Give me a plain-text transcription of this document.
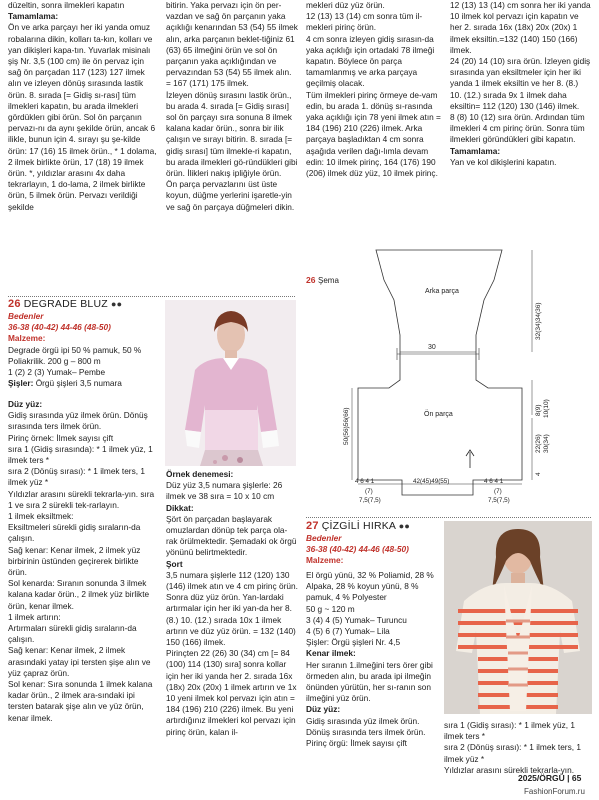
düzeltin, sonra ilmekleri kapatın

Tamamlama:

Ön ve arka parçayı her iki yanda omuz robalarına dikin, kolları ta-kın, kolları ve yan dikişleri kapa-tın. Yuvarlak misinalı şiş Nr. 3,5 (100 cm) ile ön pervaz için sağ ön parçadan 117 (123) 127 ilmek alın ve izleyen dönüş sırasında lastik örün. 8. sırada [= Gidiş sı-rası] tüm ilmekleri kapatın, bu arada ilmekleri gördüklerı gibi örün. Sol ön parçanın pervazı-nı da aynı şekilde örün, ancak 6 ilikle, bunun için 4. sırayı şu şe-kilde örün: 17 (16) 15 ilmek örün., * 1 dolama, 2 ilmek birlikte örün, 17 (18) 19 ilmek örün. *, yıldızlar arasını 4x daha tekrarlayın, 1 do-lama, 2 ilmek birlikte örün, 5 ilmek örün. Pervazı verildiği şekilde

bitirin. Yaka pervazı için ön per-vazdan ve sağ ön parçanın yaka açıklığı kenarından 53 (54) 55 ilmek alın, arka parçanın beklet-tiğiniz 61 (63) 65 ilmeğini örün ve sol ön parçanın yaka açıklığından ve pervazından 53 (54) 55 ilmek alın. = 167 (171) 175 ilmek.

İzleyen dönüş sırasını lastik örün., bu arada 4. sırada [= Gidiş sırası] sol ön parçayı sıra sonuna 8 ilmek kalana kadar örün., sonra bir ilik çalışın ve sırayı bitirin. 8. sırada [= gidiş sırası] tüm ilmekle-ri kapatın, bu arada ilmekleri gö-ründükleri gibi örün. İlikleri nakış ipliğiyle örün.

Ön parça pervazlarını üst üste koyun, düğme yerlerini işaretle-yin ve sağ ön parçaya düğmeleri dikin.

mekleri düz yüz örün.

12 (13) 13 (14) cm sonra tüm il-mekleri pirinç örün.

4 cm sonra izleyen gidiş sırasın-da yaka açıklığı için ortadaki 78 ilmeği kapatın. Böylece ön parça tamamlanmış ve arka parçaya geçilmiş olacak.

Tüm ilmekleri pirinç örmeye de-vam edin, bu arada 1. dönüş sı-rasında yaka açıklığı için 78 yeni ilmek atın = 184 (196) 210 (226) ilmek. Arka parçaya başladıktan 4 cm sonra aşağıda verilen dağı-lımla devam edin: 10 ilmek pirinç, 164 (176) 190 (206) ilmek düz yüz, 10 ilmek pirinç.

12 (13) 13 (14) cm sonra her iki yanda 10 ilmek kol pervazı için kapatın ve her 2. sırada 16x (18x) 20x (20x) 1 ilmek eksiltin.=132 (140) 150 (166) ilmek.

24 (20) 14 (10) sıra örün. İzleyen gidiş sırasında yan eksiltmeler için her iki yanda 1 ilmek eksiltin ve her 8. (8.) 10. (12.) sırada 9x 1 ilmek daha eksiltin= 112 (120) 130 (146) ilmek.

8 (8) 10 (12) sıra örün. Ardından tüm ilmekleri 4 cm pirinç örün. Sonra tüm ilmekleri göründükleri gibi kapatın.

Tamamlama:

Yan ve kol dikişlerini kapatın.

26 DEGRADE BLUZ ●●

Bedenler

36-38 (40-42) 44-46 (48-50)

Malzeme:

Degrade örgü ipi 50 % pamuk, 50 % Poliakrilik. 200 g – 800 m

1 (2) 2 (3) Yumak– Pembe

Şişler: Örgü şişleri 3,5 numara

Düz yüz:

Gidiş sırasında yüz ilmek örün. Dönüş sırasında ters ilmek örün.

Pirinç örnek: İlmek sayısı çift

sıra 1 (Gidiş sırasında): * 1 ilmek yüz, 1 ilmek ters *

sıra 2 (Dönüş sırası): * 1 ilmek ters, 1 ilmek yüz *

Yıldızlar arasını sürekli tekrarla-yın. sıra 1 ve sıra 2 sürekli tek-rarlayın.

1 ilmek eksiltmek:

Eksiltmeleri sürekli gidiş sıraların-da çalışın.

Sağ kenar: Kenar ilmek, 2 ilmek yüz birbirinin üstünden geçirerek birlikte örün.

Sol kenarda: Sıranın sonunda 3 ilmek kalana kadar örün., 2 ilmek yüz birlikte örün, kenar ilmek.

1 ilmek artırın:

Artırmaları sürekli gidiş sıraların-da çalışın.

Sağ kenar: Kenar ilmek, 2 ilmek arasındaki yatay ipi tersten şişe alın ve yüz çapraz örün.

Sol kenar: Sıra sonunda 1 ilmek kalana kadar örün., 2 ilmek ara-sındaki ipi tersten batarak şişe alın ve yüz örün, kenar ilmek.

Örnek denemesi:

Düz yüz 3,5 numara şişlerle: 26 ilmek ve 38 sıra = 10 x 10 cm

Dikkat:

Şört ön parçadan başlayarak omuzlardan dönüp tek parça ola-rak örülmektedir. Şemadaki ok örgü yönünü belirtmektedir.

Şort

3,5 numara şişlerle 112 (120) 130 (146) ilmek atın ve 4 cm pirinç örün. Sonra düz yüz örün. Yan-lardaki artırmalar için her iki yan-da her 8. (8.) 10. (12.) sırada 10x 1 ilmek artırın ve düz yüz örün. = 132 (140) 150 (166) ilmek.

Pirinçten 22 (26) 30 (34) cm [= 84 (100) 114 (130) sıra] sonra kollar için her iki yanda her 2. sırada 16x (18x) 20x (20x) 1 ilmek artırın ve 1x 10 yeni ilmek kol pervazı için atın = 184 (196) 210 (226) ilmek. Bu yeni artırdığınız ilmekleri kol pervazı için pirinç örün, kalan il-

26 Şema
30
Arka parça
Ön parça
32(34)34(36)
8(9) 10(10)
22(26) 30(34)
4
50(56)56(66)
4 6 4 1	42(45)49(55)	4 6 4 1
(7)
7,5(7,5)
(7)
7,5(7,5)

27 ÇİZGİLİ HIRKA ●●

Bedenler

36-38 (40-42) 44-46 (48-50)

Malzeme:

El örgü yünü, 32 % Poliamid, 28 % Alpaka, 28 % koyun yünü, 8 % pamuk, 4 % Polyester

50 g ~ 120 m

3 (4) 4 (5) Yumak– Turuncu

4 (5) 6 (7) Yumak– Lila

Şişler: Örgü şişleri Nr. 4,5

Kenar ilmek:

Her sıranın 1.ilmeğini ters örer gibi örmeden alın, bu arada ipi ilmeğin önünden yürütün, her sı-ranın son ilmeğini yüz örün.

Düz yüz:

Gidiş sırasında yüz ilmek örün. Dönüş sırasında ters ilmek örün.

Pirinç örgü: İlmek sayısı çift

sıra 1 (Gidiş sırası): * 1 ilmek yüz, 1 ilmek ters *

sıra 2 (Dönüş sırası): * 1 ilmek ters, 1 ilmek yüz *

Yıldızlar arasını sürekli tekrarla-yın.

2025/ÖRGÜ | 65
FashionForum.ru
